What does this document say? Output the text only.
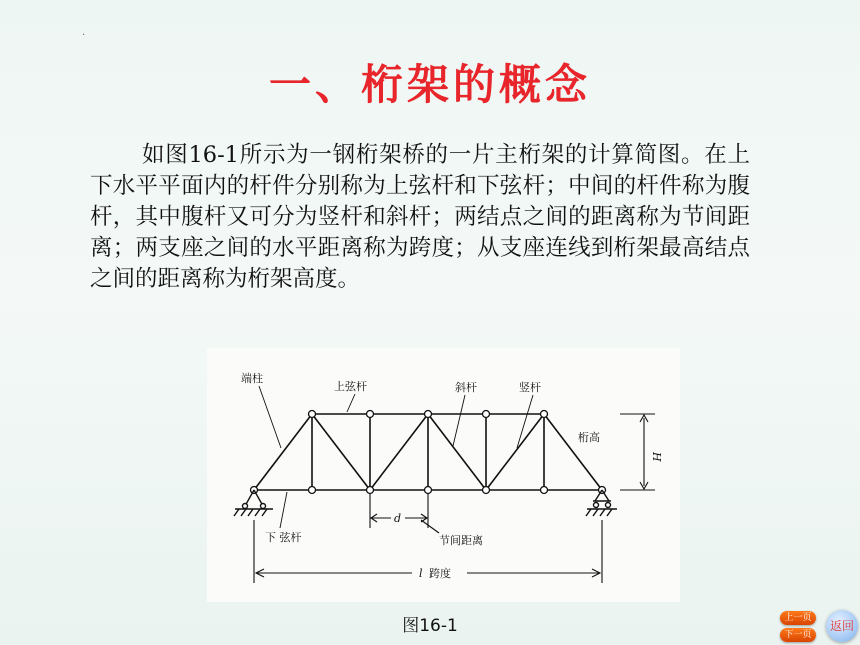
·
一、桁架的概念
如图16-1所示为一钢桁架桥的一片主桁架的计算简图。在上下水平平面内的杆件分别称为上弦杆和下弦杆；中间的杆件称为腹杆，其中腹杆又可分为竖杆和斜杆；两结点之间的距离称为节间距离；两支座之间的水平距离称为跨度；从支座连线到桁架最高结点之间的距离称为桁架高度。
端柱
上弦杆	斜杆	竖杆
桁高
H
下 弦杆
d
节间距离
l 跨度
图16-1	上一页
下一页
返回
